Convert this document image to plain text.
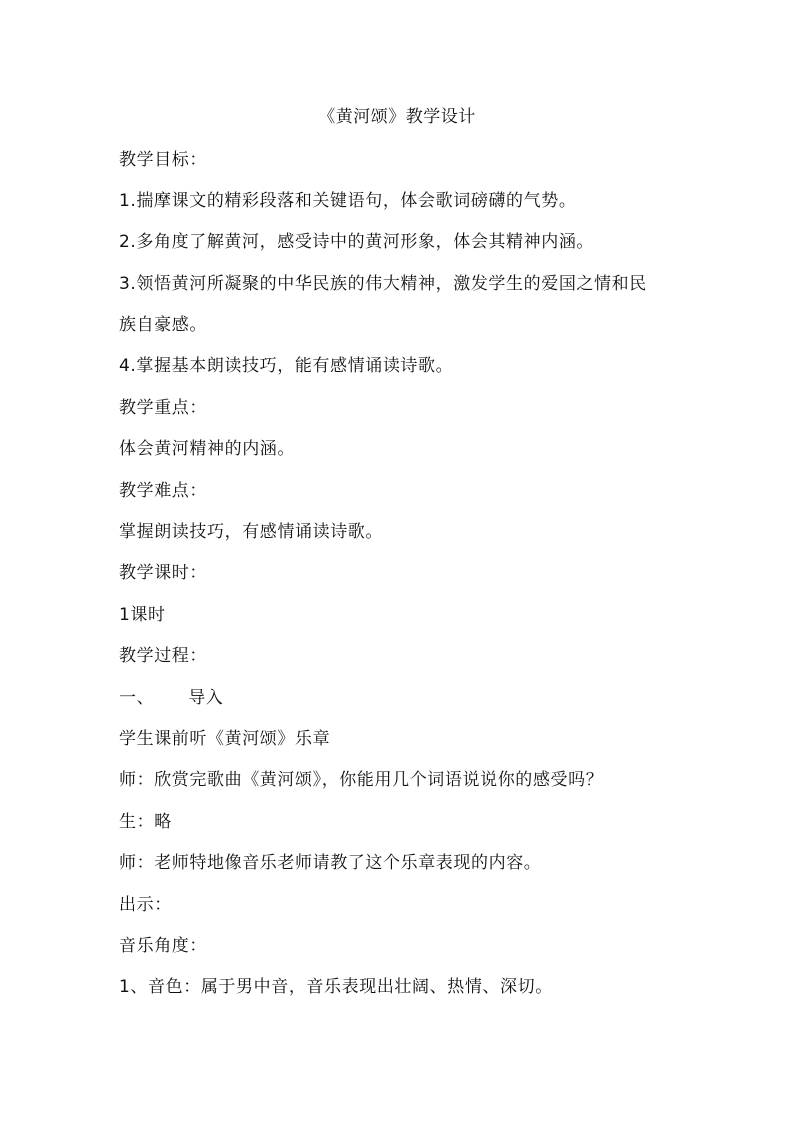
《黄河颂》教学设计
教学目标：
1.揣摩课文的精彩段落和关键语句，体会歌词磅礴的气势。
2.多角度了解黄河，感受诗中的黄河形象，体会其精神内涵。
3.领悟黄河所凝聚的中华民族的伟大精神，激发学生的爱国之情和民
族自豪感。
4.掌握基本朗读技巧，能有感情诵读诗歌。
教学重点：
体会黄河精神的内涵。
教学难点：
掌握朗读技巧，有感情诵读诗歌。
教学课时：
1课时
教学过程：
一、 导入
学生课前听《黄河颂》乐章
师：欣赏完歌曲《黄河颂》，你能用几个词语说说你的感受吗？
生：略
师：老师特地像音乐老师请教了这个乐章表现的内容。
出示：
音乐角度：
1、音色：属于男中音，音乐表现出壮阔、热情、深切。
